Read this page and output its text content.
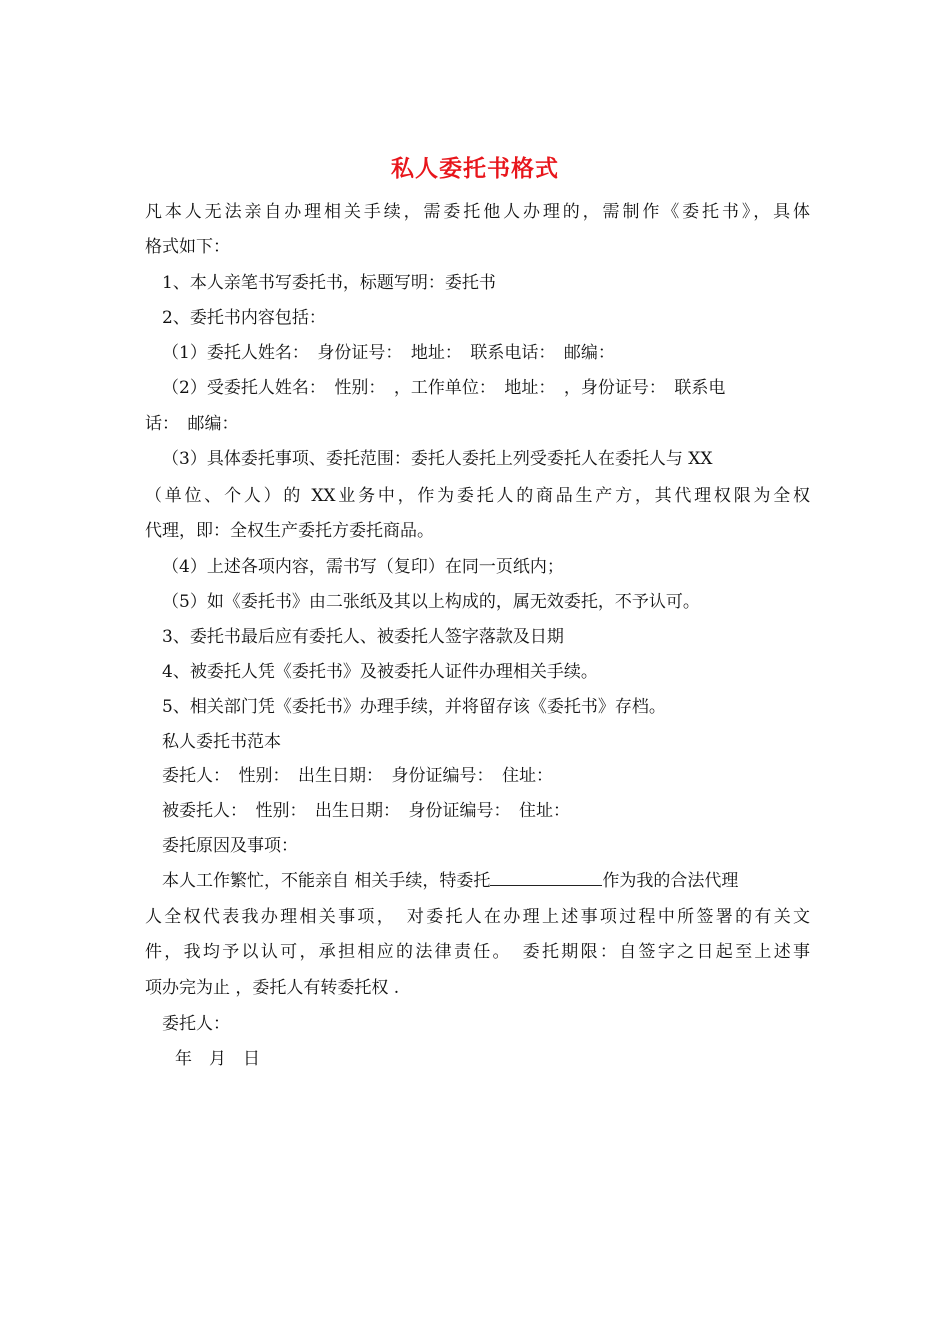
私人委托书格式
凡本人无法亲自办理相关手续，需委托他人办理的，需制作《委托书》，具体
格式如下：
1、本人亲笔书写委托书，标题写明：委托书
2、委托书内容包括：
（1）委托人姓名：　身份证号：　地址：　联系电话：　邮编：
（2）受委托人姓名：　性别：　，工作单位：　地址：　，身份证号：　联系电
话：　邮编：
（3）具体委托事项、委托范围：委托人委托上列受委托人在委托人与 XX
（单位、个人）的 XX业务中，作为委托人的商品生产方，其代理权限为全权
代理，即：全权生产委托方委托商品。
（4）上述各项内容，需书写（复印）在同一页纸内；
（5）如《委托书》由二张纸及其以上构成的，属无效委托，不予认可。
3、委托书最后应有委托人、被委托人签字落款及日期
4、被委托人凭《委托书》及被委托人证件办理相关手续。
5、相关部门凭《委托书》办理手续，并将留存该《委托书》存档。
私人委托书范本
委托人：　性别：　出生日期：　身份证编号：　住址：
被委托人：　性别：　出生日期：　身份证编号：　住址：
委托原因及事项：
本人工作繁忙，不能亲自 相关手续，特委托	作为我的合法代理
人全权代表我办理相关事项，　对委托人在办理上述事项过程中所签署的有关文
件，我均予以认可，承担相应的法律责任。　委托期限：自签字之日起至上述事
项办完为止 ，委托人有转委托权 .
委托人：
年　月　日
